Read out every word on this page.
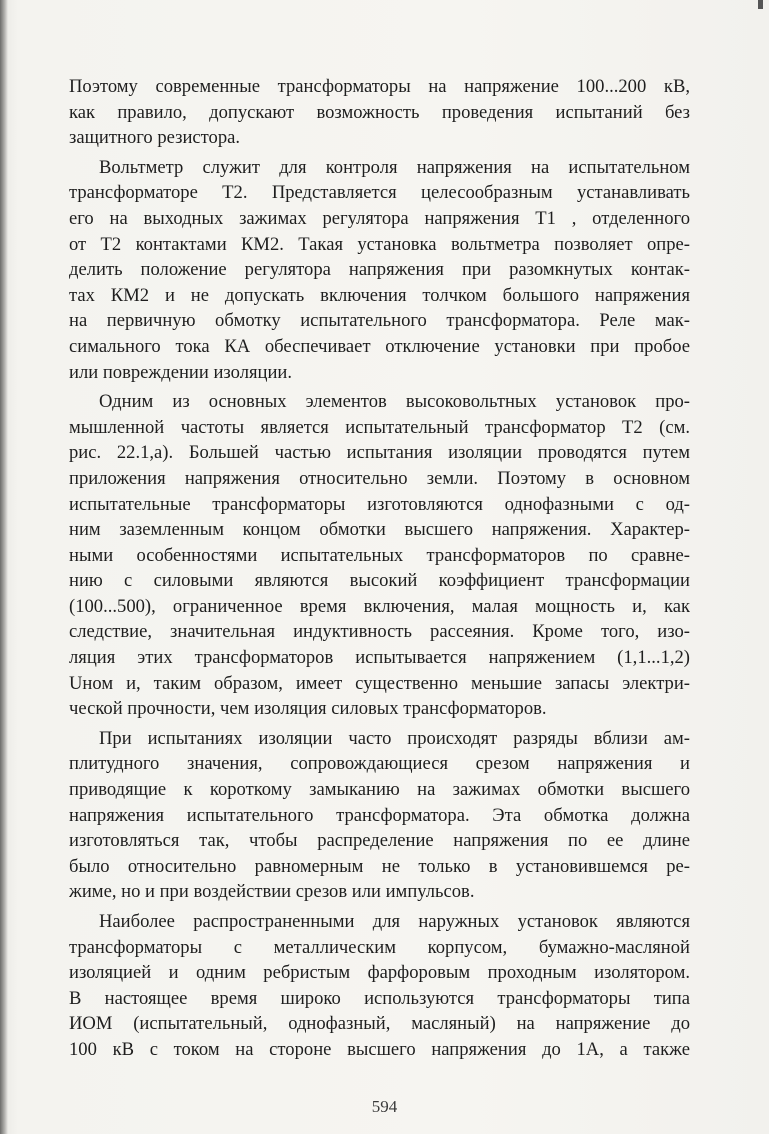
Поэтому современные трансформаторы на напряжение 100...200 кВ,
как правило, допускают возможность проведения испытаний без
защитного резистора.
Вольтметр служит для контроля напряжения на испытательном
трансформаторе Т2. Представляется целесообразным устанавливать
его на выходных зажимах регулятора напряжения Т1 , отделенного
от Т2 контактами КМ2. Такая установка вольтметра позволяет опре-
делить положение регулятора напряжения при разомкнутых контак-
тах КМ2 и не допускать включения толчком большого напряжения
на первичную обмотку испытательного трансформатора. Реле мак-
симального тока КА обеспечивает отключение установки при пробое
или повреждении изоляции.
Одним из основных элементов высоковольтных установок про-
мышленной частоты является испытательный трансформатор Т2 (см.
рис. 22.1,а). Большей частью испытания изоляции проводятся путем
приложения напряжения относительно земли. Поэтому в основном
испытательные трансформаторы изготовляются однофазными с од-
ним заземленным концом обмотки высшего напряжения. Характер-
ными особенностями испытательных трансформаторов по сравне-
нию с силовыми являются высокий коэффициент трансформации
(100...500), ограниченное время включения, малая мощность и, как
следствие, значительная индуктивность рассеяния. Кроме того, изо-
ляция этих трансформаторов испытывается напряжением (1,1...1,2)
Uном и, таким образом, имеет существенно меньшие запасы электри-
ческой прочности, чем изоляция силовых трансформаторов.
При испытаниях изоляции часто происходят разряды вблизи ам-
плитудного значения, сопровождающиеся срезом напряжения и
приводящие к короткому замыканию на зажимах обмотки высшего
напряжения испытательного трансформатора. Эта обмотка должна
изготовляться так, чтобы распределение напряжения по ее длине
было относительно равномерным не только в установившемся ре-
жиме, но и при воздействии срезов или импульсов.
Наиболее распространенными для наружных установок являются
трансформаторы с металлическим корпусом, бумажно-масляной
изоляцией и одним ребристым фарфоровым проходным изолятором.
В настоящее время широко используются трансформаторы типа
ИОМ (испытательный, однофазный, масляный) на напряжение до
100 кВ с током на стороне высшего напряжения до 1А, а также
594
